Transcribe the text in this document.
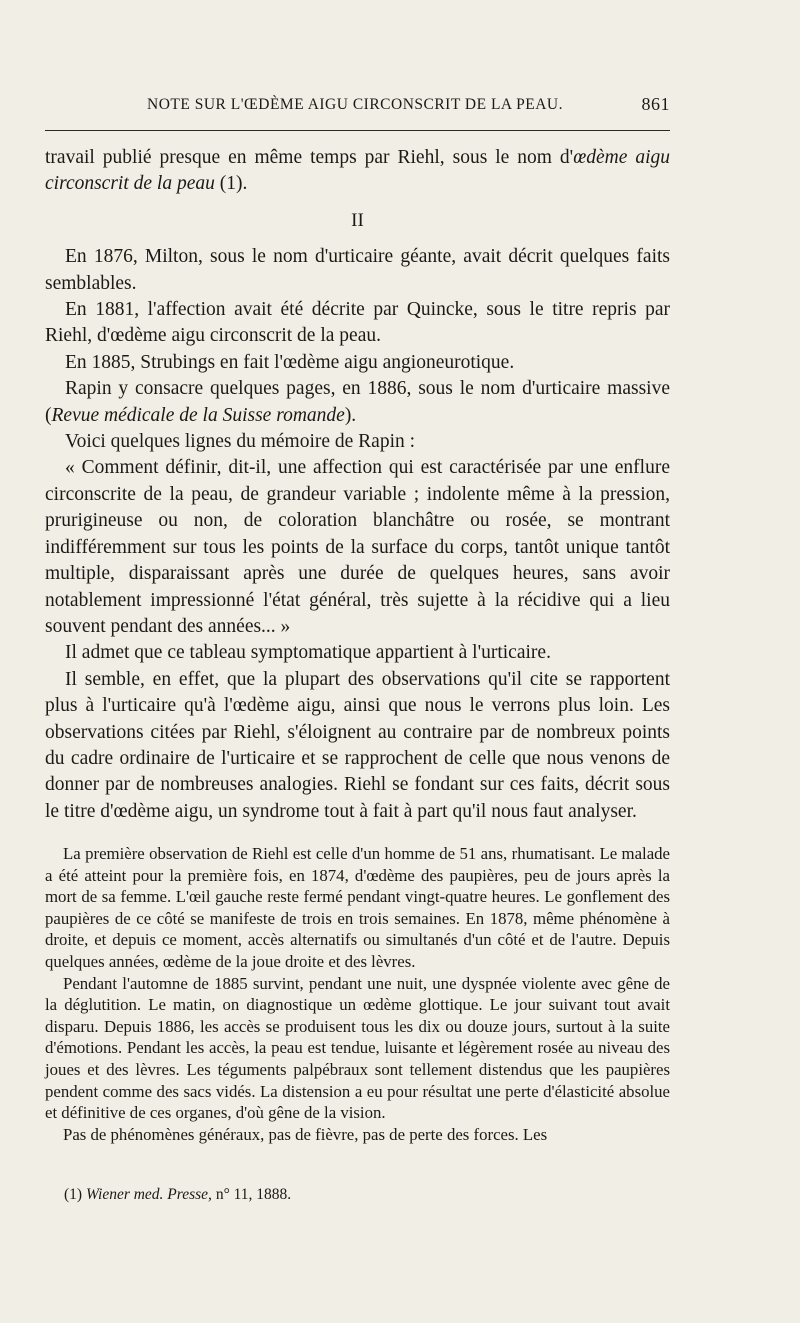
NOTE SUR L'ŒDÈME AIGU CIRCONSCRIT DE LA PEAU.	861

travail publié presque en même temps par Riehl, sous le nom d'œdème aigu circonscrit de la peau (1).

II

En 1876, Milton, sous le nom d'urticaire géante, avait décrit quelques faits semblables.

En 1881, l'affection avait été décrite par Quincke, sous le titre repris par Riehl, d'œdème aigu circonscrit de la peau.

En 1885, Strubings en fait l'œdème aigu angioneurotique.

Rapin y consacre quelques pages, en 1886, sous le nom d'urticaire massive (Revue médicale de la Suisse romande).

Voici quelques lignes du mémoire de Rapin :

« Comment définir, dit-il, une affection qui est caractérisée par une enflure circonscrite de la peau, de grandeur variable ; indolente même à la pression, prurigineuse ou non, de coloration blanchâtre ou rosée, se montrant indifféremment sur tous les points de la surface du corps, tantôt unique tantôt multiple, disparaissant après une durée de quelques heures, sans avoir notablement impressionné l'état général, très sujette à la récidive qui a lieu souvent pendant des années... »

Il admet que ce tableau symptomatique appartient à l'urticaire.

Il semble, en effet, que la plupart des observations qu'il cite se rapportent plus à l'urticaire qu'à l'œdème aigu, ainsi que nous le verrons plus loin. Les observations citées par Riehl, s'éloignent au contraire par de nombreux points du cadre ordinaire de l'urticaire et se rapprochent de celle que nous venons de donner par de nombreuses analogies. Riehl se fondant sur ces faits, décrit sous le titre d'œdème aigu, un syndrome tout à fait à part qu'il nous faut analyser.

La première observation de Riehl est celle d'un homme de 51 ans, rhumatisant. Le malade a été atteint pour la première fois, en 1874, d'œdème des paupières, peu de jours après la mort de sa femme. L'œil gauche reste fermé pendant vingt-quatre heures. Le gonflement des paupières de ce côté se manifeste de trois en trois semaines. En 1878, même phénomène à droite, et depuis ce moment, accès alternatifs ou simultanés d'un côté et de l'autre. Depuis quelques années, œdème de la joue droite et des lèvres.

Pendant l'automne de 1885 survint, pendant une nuit, une dyspnée violente avec gêne de la déglutition. Le matin, on diagnostique un œdème glottique. Le jour suivant tout avait disparu. Depuis 1886, les accès se produisent tous les dix ou douze jours, surtout à la suite d'émotions. Pendant les accès, la peau est tendue, luisante et légèrement rosée au niveau des joues et des lèvres. Les téguments palpébraux sont tellement distendus que les paupières pendent comme des sacs vidés. La distension a eu pour résultat une perte d'élasticité absolue et définitive de ces organes, d'où gêne de la vision.

Pas de phénomènes généraux, pas de fièvre, pas de perte des forces. Les

(1) Wiener med. Presse, n° 11, 1888.
